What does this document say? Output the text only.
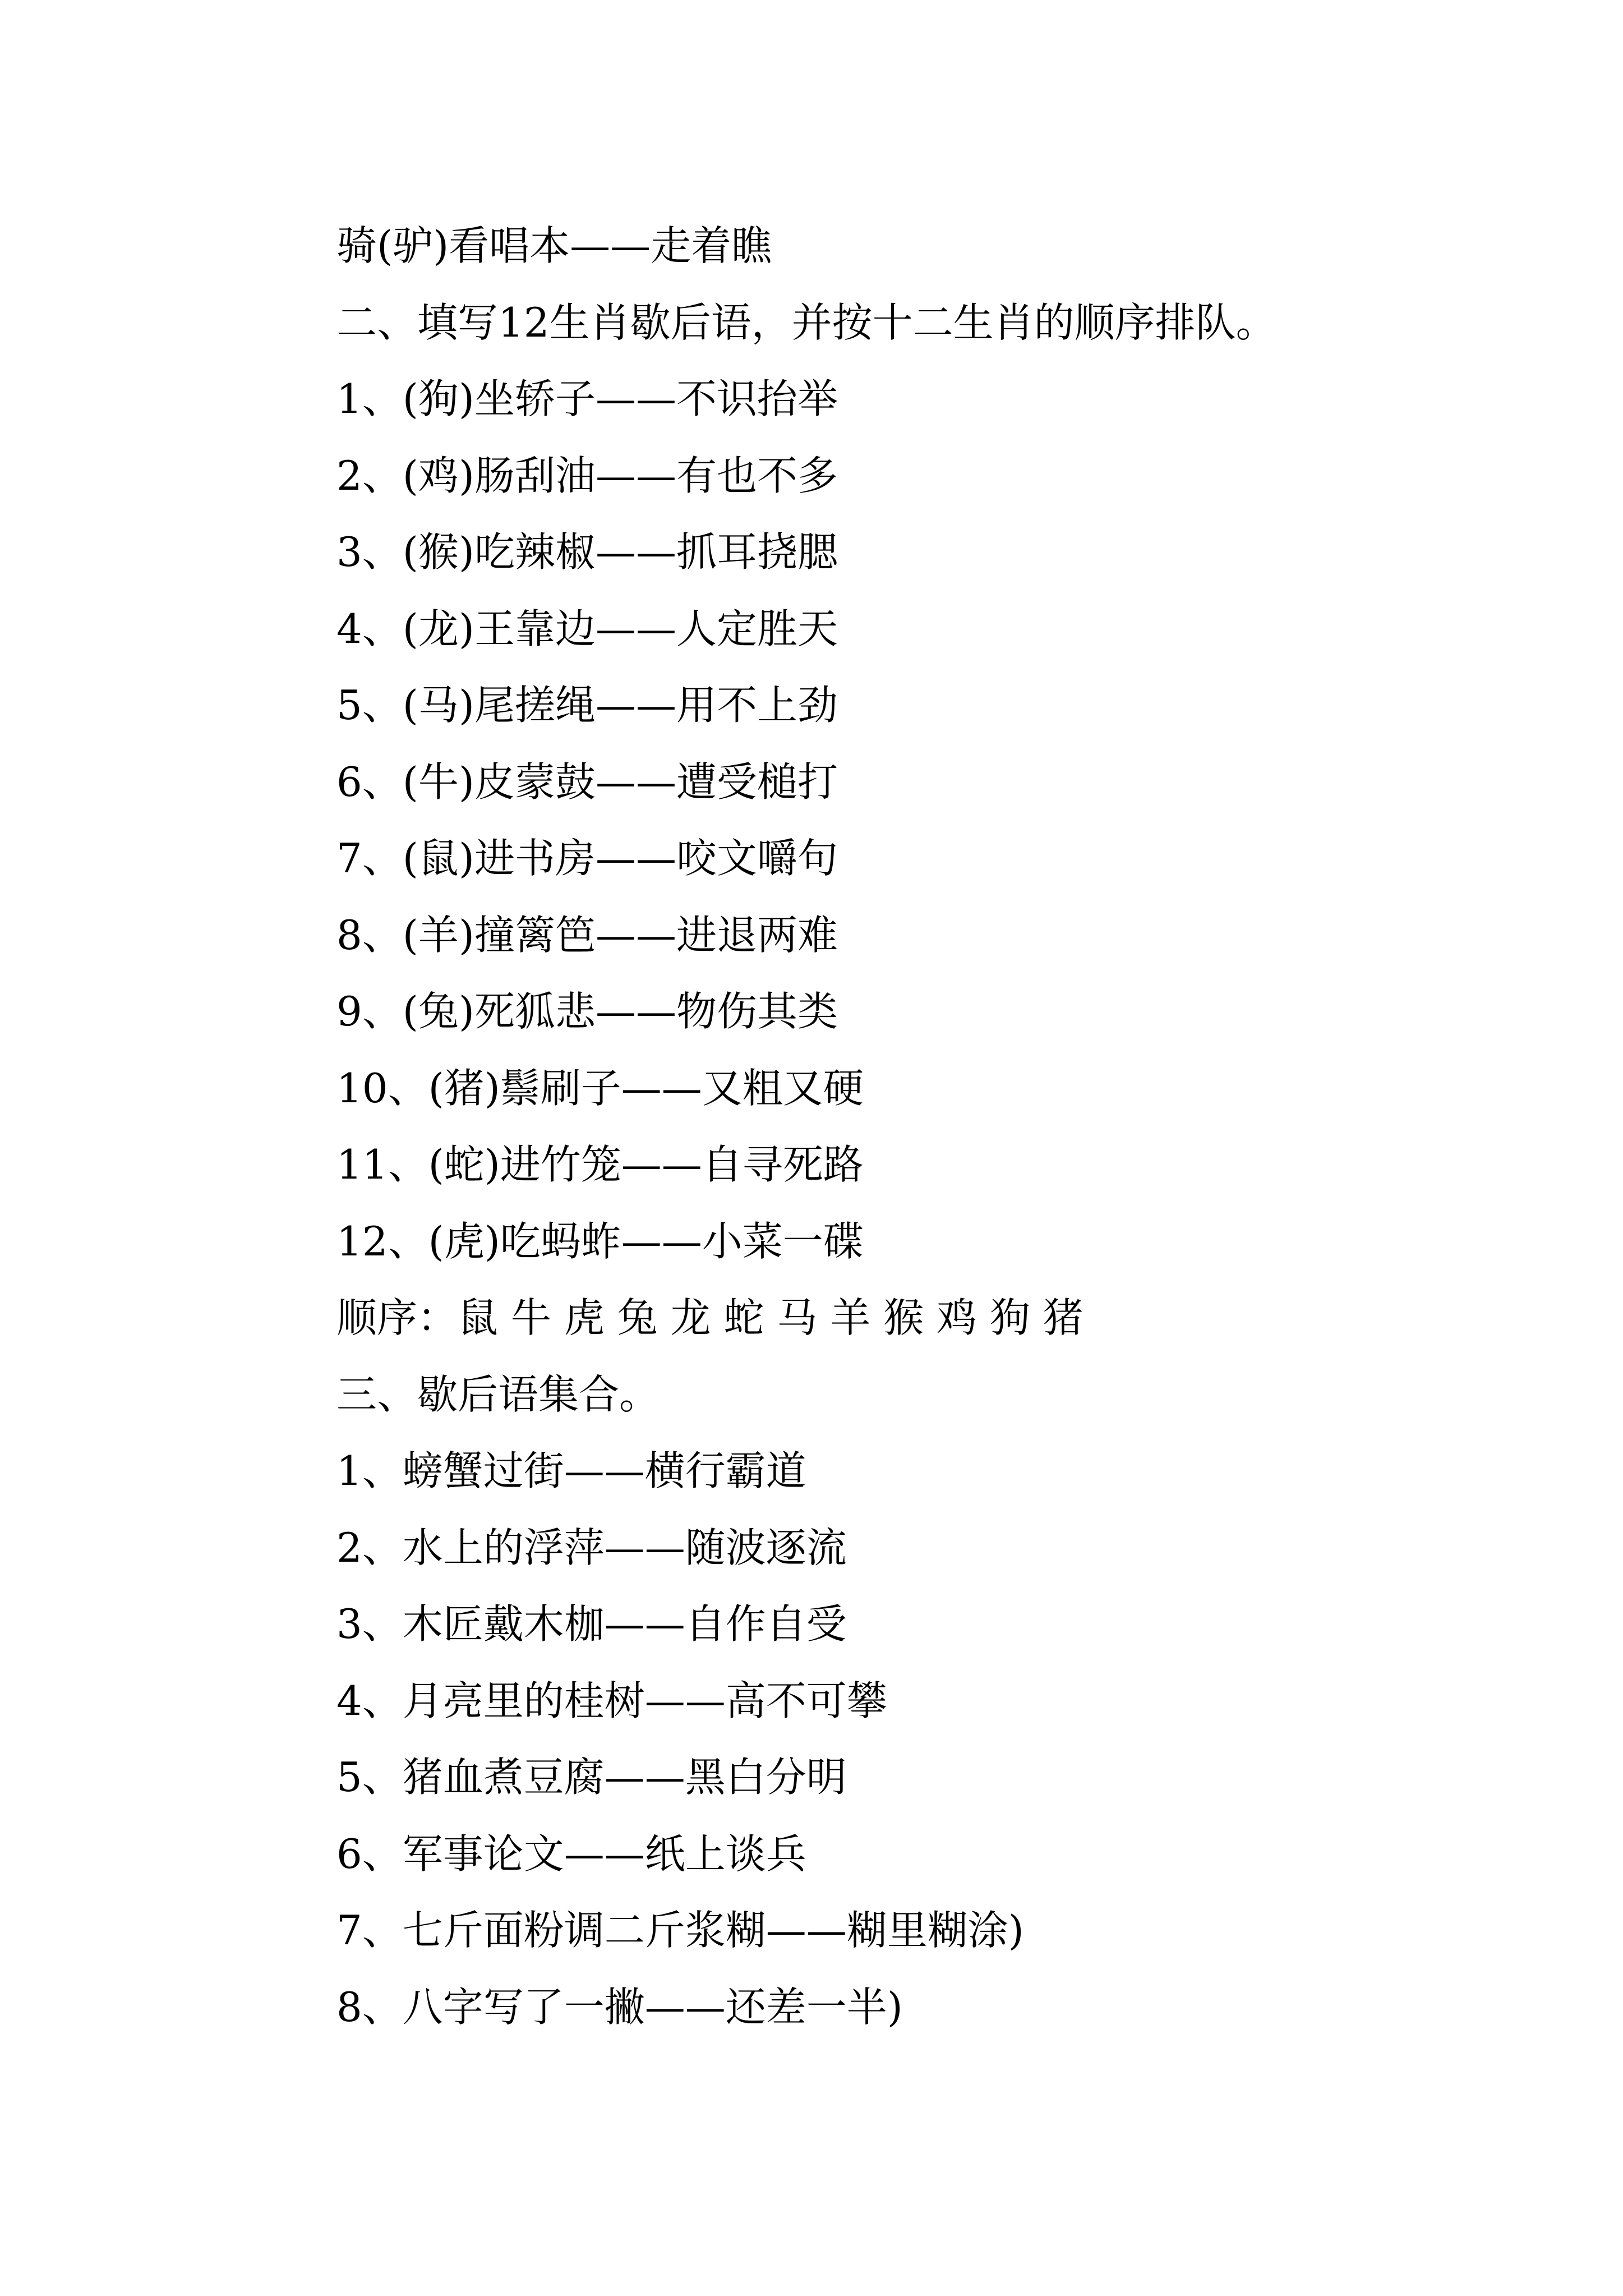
骑(驴)看唱本——走着瞧
二、填写12生肖歇后语，并按十二生肖的顺序排队。
1、(狗)坐轿子——不识抬举
2、(鸡)肠刮油——有也不多
3、(猴)吃辣椒——抓耳挠腮
4、(龙)王靠边——人定胜天
5、(马)尾搓绳——用不上劲
6、(牛)皮蒙鼓——遭受槌打
7、(鼠)进书房——咬文嚼句
8、(羊)撞篱笆——进退两难
9、(兔)死狐悲——物伤其类
10、(猪)鬃刷子——又粗又硬
11、(蛇)进竹笼——自寻死路
12、(虎)吃蚂蚱——小菜一碟
顺序：鼠 牛 虎 兔 龙 蛇 马 羊 猴 鸡 狗 猪
三、歇后语集合。
1、螃蟹过街——横行霸道
2、水上的浮萍——随波逐流
3、木匠戴木枷——自作自受
4、月亮里的桂树——高不可攀
5、猪血煮豆腐——黑白分明
6、军事论文——纸上谈兵
7、七斤面粉调二斤浆糊——糊里糊涂)
8、八字写了一撇——还差一半)
